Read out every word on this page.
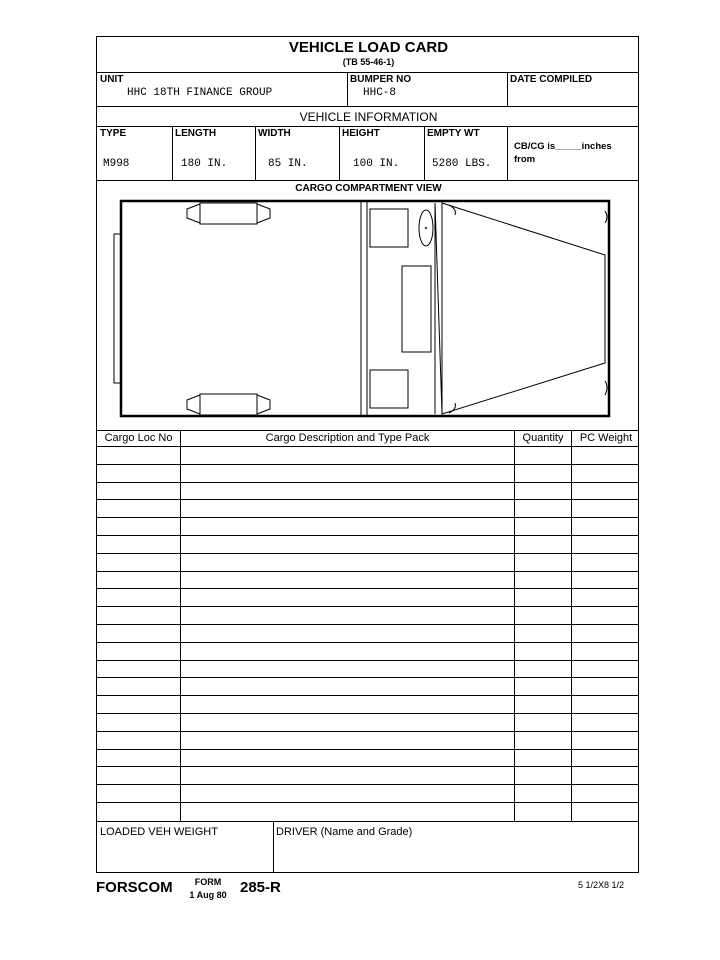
VEHICLE LOAD CARD
(TB 55-46-1)
UNIT
HHC 18TH FINANCE GROUP
BUMPER NO
HHC-8
DATE COMPILED
VEHICLE INFORMATION
TYPE
M998
LENGTH
180 IN.
WIDTH
85 IN.
HEIGHT
100 IN.
EMPTY WT
5280 LBS.
CB/CG is_____inches
from
CARGO COMPARTMENT VIEW
Cargo Loc No	Cargo Description and Type Pack	Quantity	PC Weight
LOADED VEH WEIGHT	DRIVER (Name and Grade)
FORSCOM	FORM
1 Aug 80 285-R	5 1/2X8 1/2
